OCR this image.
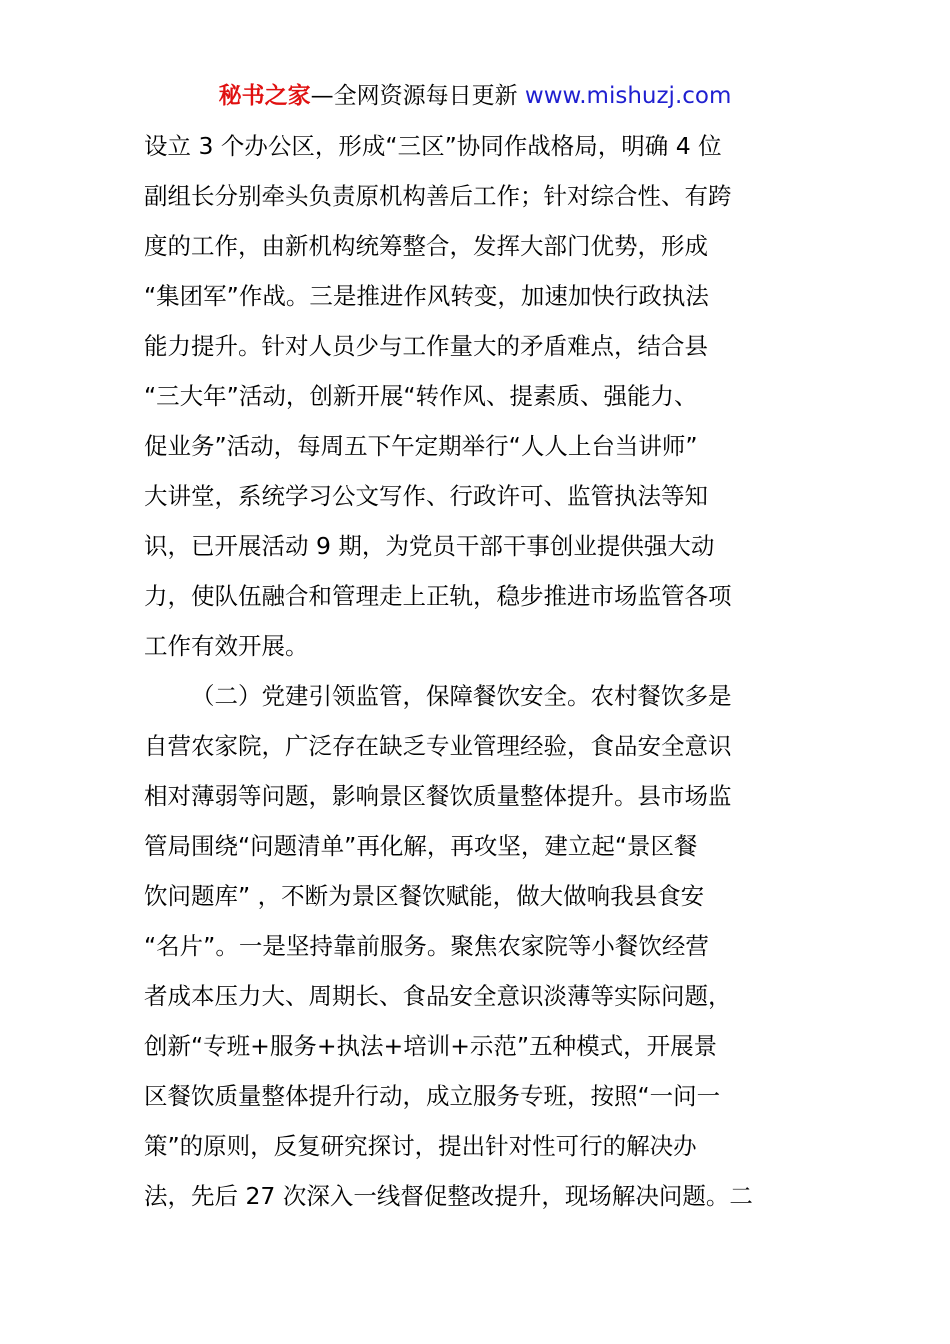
秘书之家—全网资源每日更新 www.mishuzj.com
设立 3 个办公区，形成“三区”协同作战格局，明确 4 位
副组长分别牵头负责原机构善后工作；针对综合性、有跨
度的工作，由新机构统筹整合，发挥大部门优势，形成
“集团军”作战。三是推进作风转变，加速加快行政执法
能力提升。针对人员少与工作量大的矛盾难点，结合县
“三大年”活动，创新开展“转作风、提素质、强能力、
促业务”活动，每周五下午定期举行“人人上台当讲师”
大讲堂，系统学习公文写作、行政许可、监管执法等知
识，已开展活动 9 期，为党员干部干事创业提供强大动
力，使队伍融合和管理走上正轨，稳步推进市场监管各项
工作有效开展。
（二）党建引领监管，保障餐饮安全。农村餐饮多是
自营农家院，广泛存在缺乏专业管理经验，食品安全意识
相对薄弱等问题，影响景区餐饮质量整体提升。县市场监
管局围绕“问题清单”再化解，再攻坚，建立起“景区餐
饮问题库” ，不断为景区餐饮赋能，做大做响我县食安
“名片”。一是坚持靠前服务。聚焦农家院等小餐饮经营
者成本压力大、周期长、食品安全意识淡薄等实际问题，
创新“专班+服务+执法+培训+示范”五种模式，开展景
区餐饮质量整体提升行动，成立服务专班，按照“一问一
策”的原则，反复研究探讨，提出针对性可行的解决办
法，先后 27 次深入一线督促整改提升，现场解决问题。二
